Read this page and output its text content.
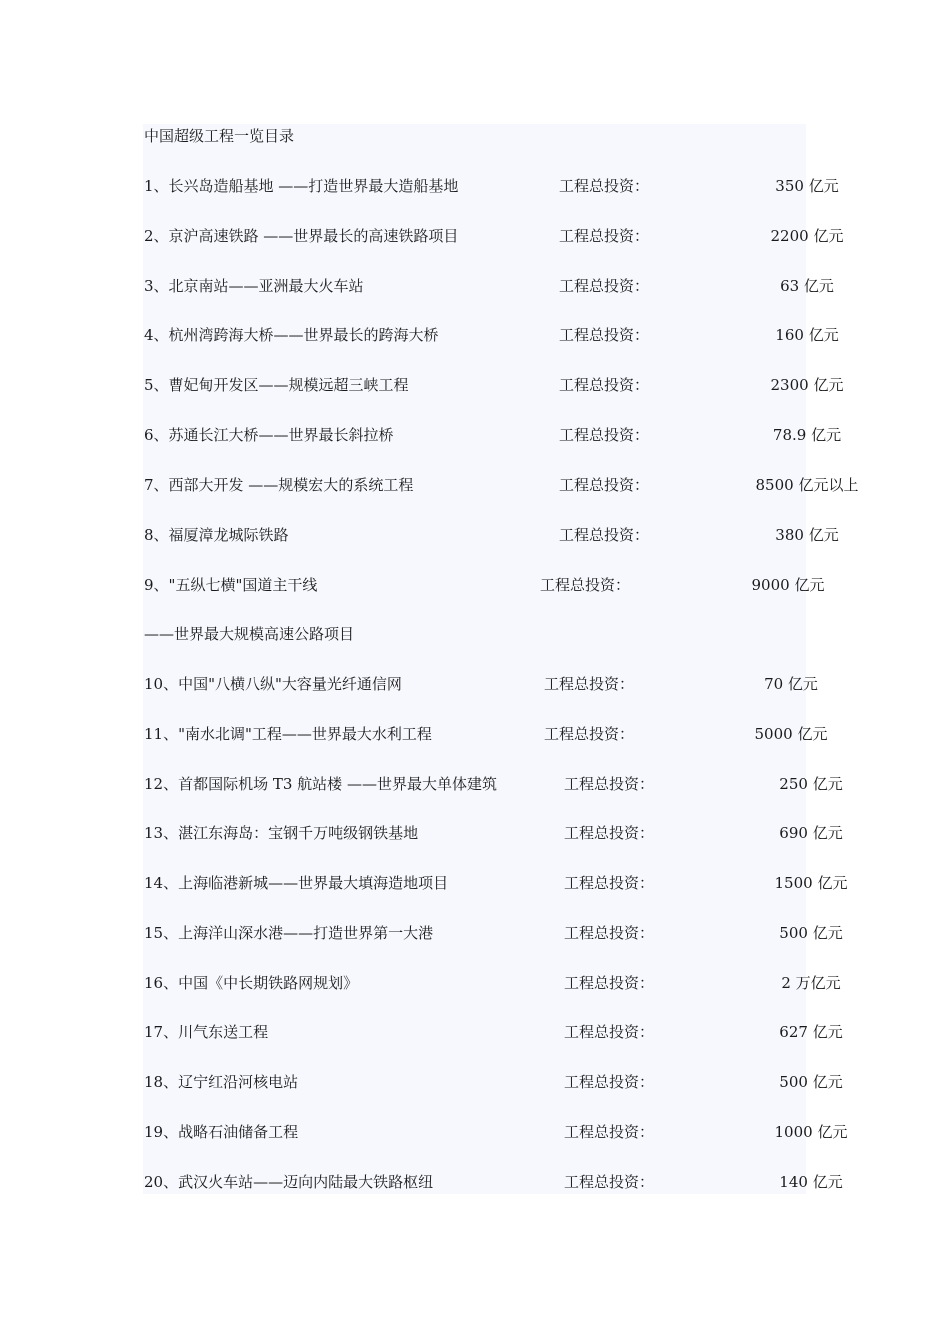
中国超级工程一览目录
1、长兴岛造船基地 ——打造世界最大造船基地	工程总投资：	350 亿元
2、京沪高速铁路 ——世界最长的高速铁路项目	工程总投资：	2200 亿元
3、北京南站——亚洲最大火车站	工程总投资：	63 亿元
4、杭州湾跨海大桥——世界最长的跨海大桥	工程总投资：	160 亿元
5、曹妃甸开发区——规模远超三峡工程	工程总投资：	2300 亿元
6、苏通长江大桥——世界最长斜拉桥	工程总投资：	78.9 亿元
7、西部大开发 ——规模宏大的系统工程	工程总投资：	8500 亿元以上
8、福厦漳龙城际铁路	工程总投资：	380 亿元
9、"五纵七横"国道主干线	工程总投资：	9000 亿元
——世界最大规模高速公路项目
10、中国"八横八纵"大容量光纤通信网	工程总投资：	70 亿元
11、"南水北调"工程——世界最大水利工程	工程总投资：	5000 亿元
12、首都国际机场 T3 航站楼 ——世界最大单体建筑	工程总投资：	250 亿元
13、湛江东海岛：宝钢千万吨级钢铁基地	工程总投资：	690 亿元
14、上海临港新城——世界最大填海造地项目	工程总投资：	1500 亿元
15、上海洋山深水港——打造世界第一大港	工程总投资：	500 亿元
16、中国《中长期铁路网规划》	工程总投资：	2 万亿元
17、川气东送工程	工程总投资：	627 亿元
18、辽宁红沿河核电站	工程总投资：	500 亿元
19、战略石油储备工程	工程总投资：	1000 亿元
20、武汉火车站——迈向内陆最大铁路枢纽	工程总投资：	140 亿元
